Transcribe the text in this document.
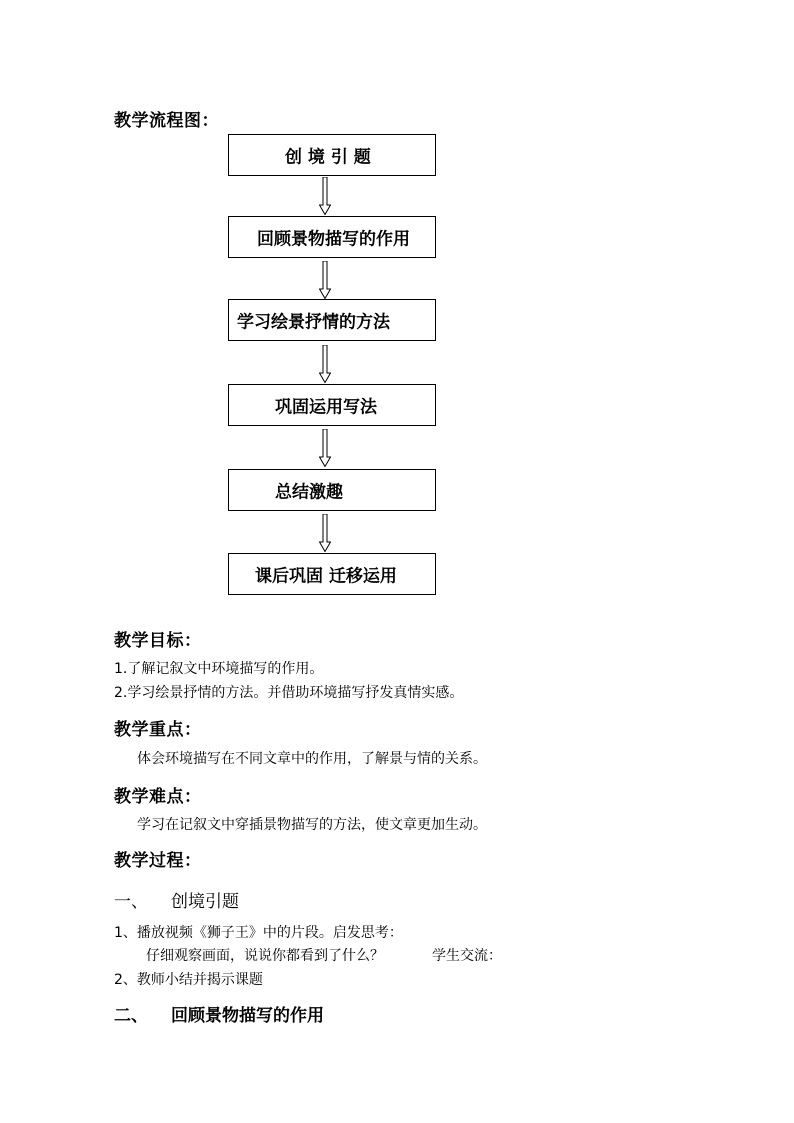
教学流程图：
创 境 引 题
回顾景物描写的作用
学习绘景抒情的方法
巩固运用写法
总结激趣
课后巩固 迁移运用
教学目标：
1.了解记叙文中环境描写的作用。
2.学习绘景抒情的方法。并借助环境描写抒发真情实感。
教学重点：
体会环境描写在不同文章中的作用，了解景与情的关系。
教学难点：
学习在记叙文中穿插景物描写的方法，使文章更加生动。
教学过程：
一、 创境引题
1、播放视频《狮子王》中的片段。启发思考：
仔细观察画面，说说你都看到了什么？	学生交流：
2、教师小结并揭示课题
二、 回顾景物描写的作用
